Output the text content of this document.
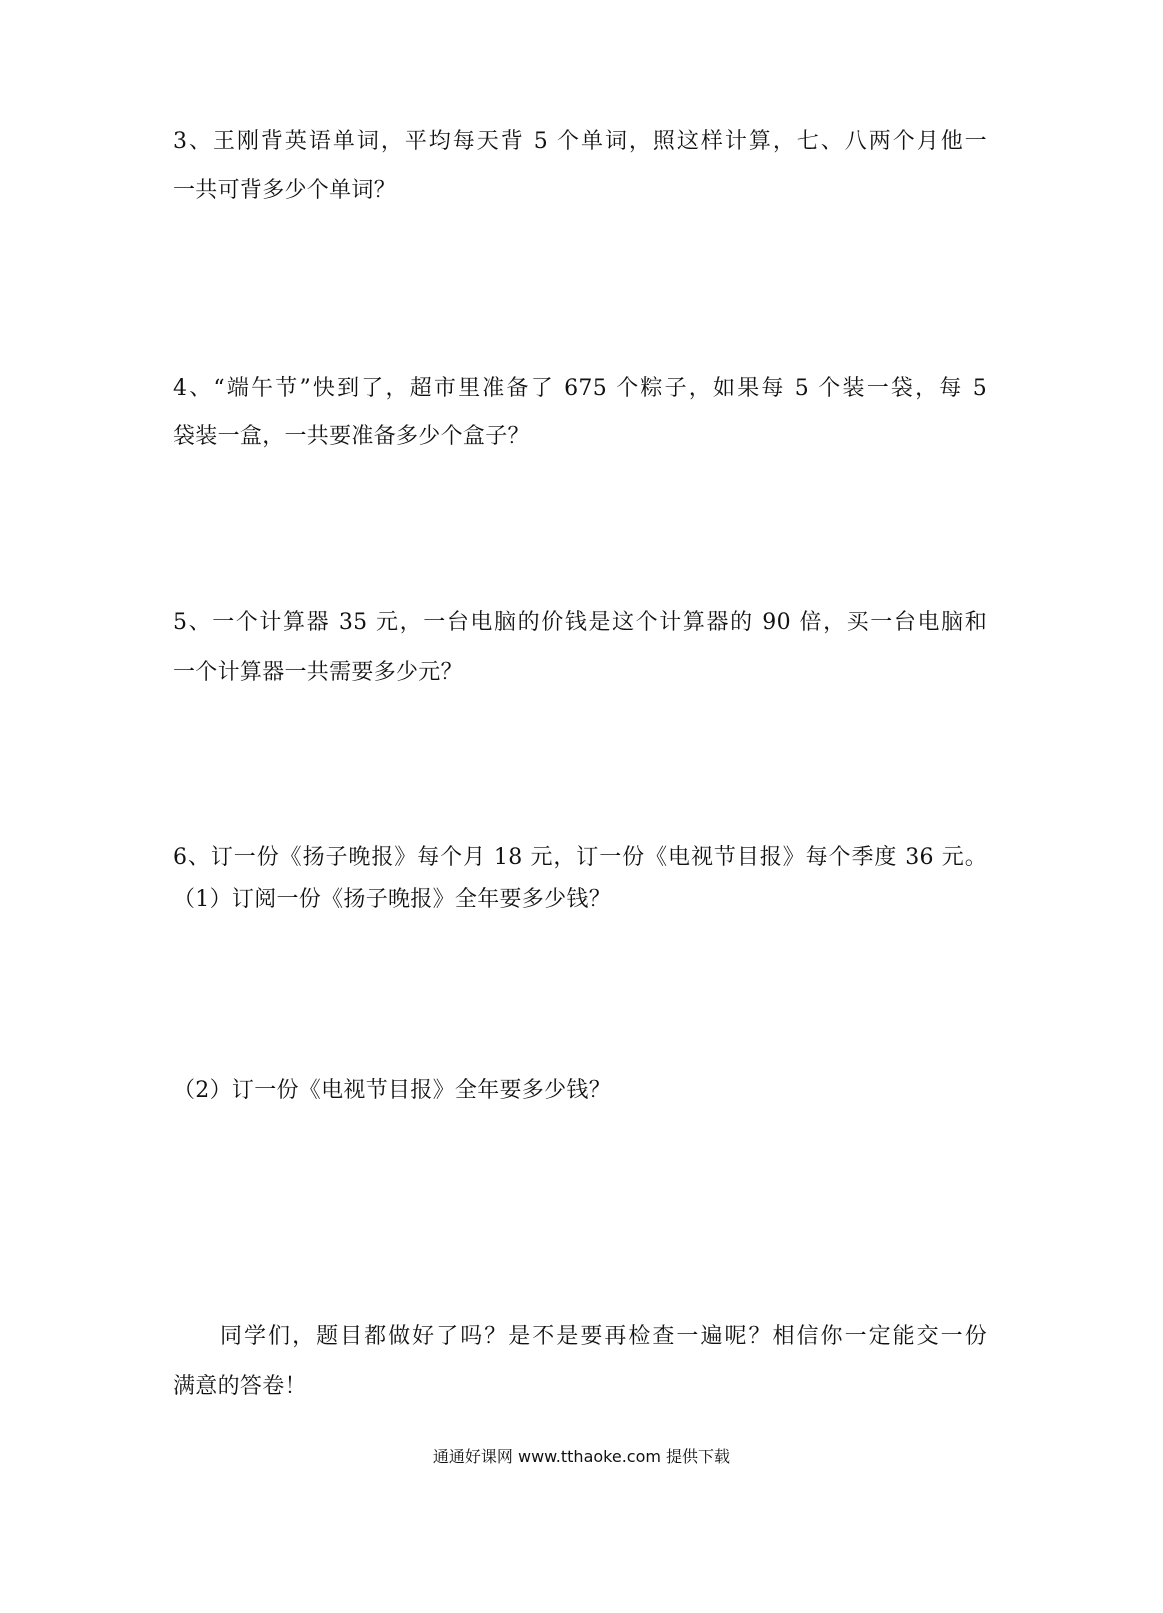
3、王刚背英语单词，平均每天背 5 个单词，照这样计算，七、八两个月他一
一共可背多少个单词？
4、“端午节”快到了，超市里准备了 675 个粽子，如果每 5 个装一袋，每 5
袋装一盒，一共要准备多少个盒子？
5、一个计算器 35 元，一台电脑的价钱是这个计算器的 90 倍，买一台电脑和
一个计算器一共需要多少元？
6、订一份《扬子晚报》每个月 18 元，订一份《电视节目报》每个季度 36 元。
（1）订阅一份《扬子晚报》全年要多少钱？
（2）订一份《电视节目报》全年要多少钱？
同学们，题目都做好了吗？是不是要再检查一遍呢？相信你一定能交一份
满意的答卷！
通通好课网 www.tthaoke.com 提供下载
